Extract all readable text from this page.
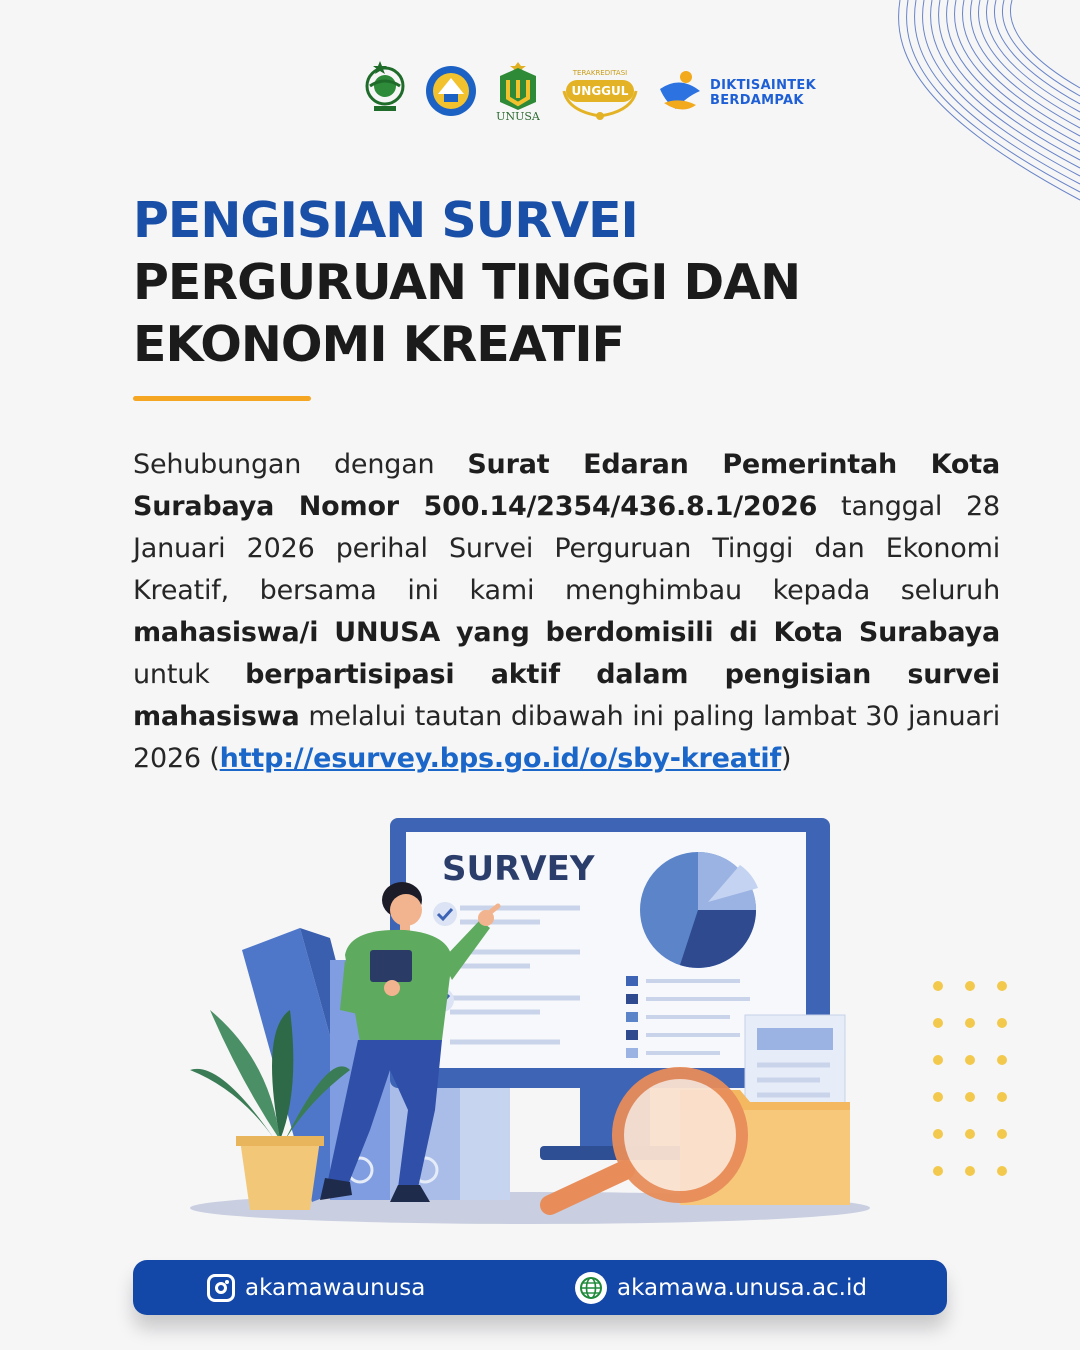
UNUSA
TERAKREDITASI
UNGGUL	DIKTISAINTEK
BERDAMPAK
PENGISIAN SURVEI
PERGURUAN TINGGI DAN
EKONOMI KREATIF
Sehubungan dengan Surat Edaran Pemerintah Kota Surabaya Nomor 500.14/2354/436.8.1/2026 tanggal 28 Januari 2026 perihal Survei Perguruan Tinggi dan Ekonomi Kreatif, bersama ini kami menghimbau kepada seluruh mahasiswa/i UNUSA yang berdomisili di Kota Surabaya untuk berpartisipasi aktif dalam pengisian survei mahasiswa melalui tautan dibawah ini paling lambat 30 januari 2026 (http://esurvey.bps.go.id/o/sby-kreatif)
SURVEY
akamawaunusa	akamawa.unusa.ac.id
